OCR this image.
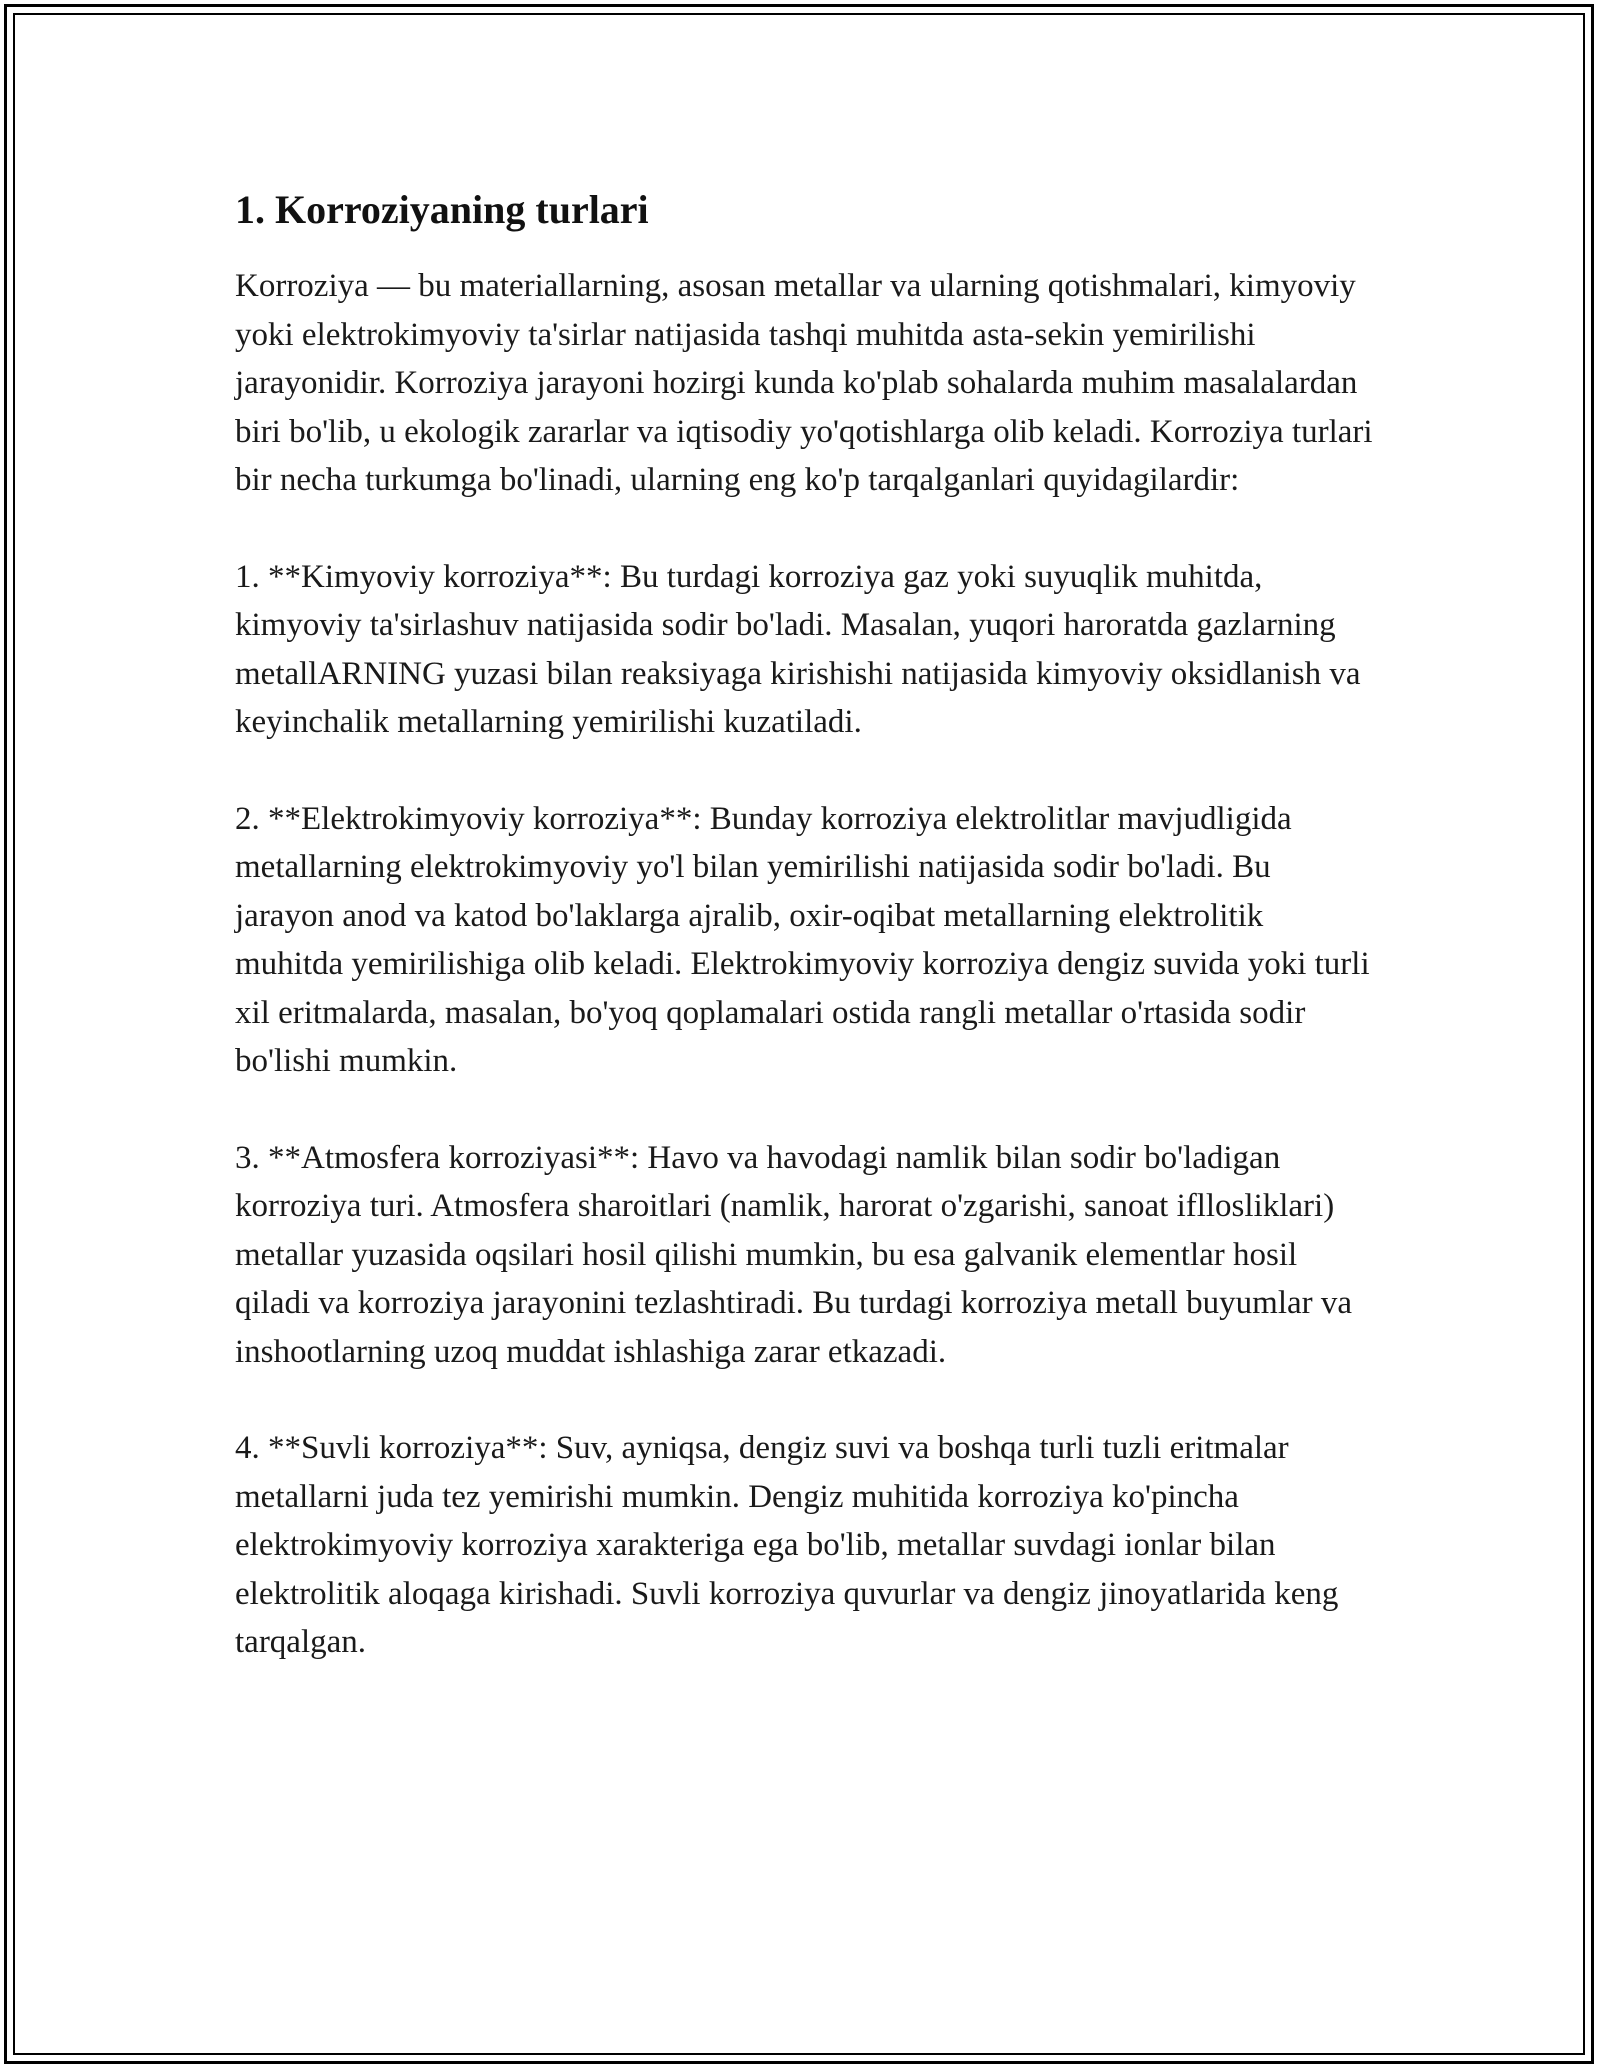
1. Korroziyaning turlari

Korroziya — bu materiallarning, asosan metallar va ularning qotishmalari, kimyoviy yoki elektrokimyoviy ta'sirlar natijasida tashqi muhitda asta-sekin yemirilishi jarayonidir. Korroziya jarayoni hozirgi kunda ko'plab sohalarda muhim masalalardan biri bo'lib, u ekologik zararlar va iqtisodiy yo'qotishlarga olib keladi. Korroziya turlari bir necha turkumga bo'linadi, ularning eng ko'p tarqalganlari quyidagilardir:

1. **Kimyoviy korroziya**: Bu turdagi korroziya gaz yoki suyuqlik muhitda, kimyoviy ta'sirlashuv natijasida sodir bo'ladi. Masalan, yuqori haroratda gazlarning metallARNING yuzasi bilan reaksiyaga kirishishi natijasida kimyoviy oksidlanish va keyinchalik metallarning yemirilishi kuzatiladi.

2. **Elektrokimyoviy korroziya**: Bunday korroziya elektrolitlar mavjudligida metallarning elektrokimyoviy yo'l bilan yemirilishi natijasida sodir bo'ladi. Bu jarayon anod va katod bo'laklarga ajralib, oxir-oqibat metallarning elektrolitik muhitda yemirilishiga olib keladi. Elektrokimyoviy korroziya dengiz suvida yoki turli xil eritmalarda, masalan, bo'yoq qoplamalari ostida rangli metallar o'rtasida sodir bo'lishi mumkin.

3. **Atmosfera korroziyasi**: Havo va havodagi namlik bilan sodir bo'ladigan korroziya turi. Atmosfera sharoitlari (namlik, harorat o'zgarishi, sanoat ifllosliklari) metallar yuzasida oqsilari hosil qilishi mumkin, bu esa galvanik elementlar hosil qiladi va korroziya jarayonini tezlashtiradi. Bu turdagi korroziya metall buyumlar va inshootlarning uzoq muddat ishlashiga zarar etkazadi.

4. **Suvli korroziya**: Suv, ayniqsa, dengiz suvi va boshqa turli tuzli eritmalar metallarni juda tez yemirishi mumkin. Dengiz muhitida korroziya ko'pincha elektrokimyoviy korroziya xarakteriga ega bo'lib, metallar suvdagi ionlar bilan elektrolitik aloqaga kirishadi. Suvli korroziya quvurlar va dengiz jinoyatlarida keng tarqalgan.
